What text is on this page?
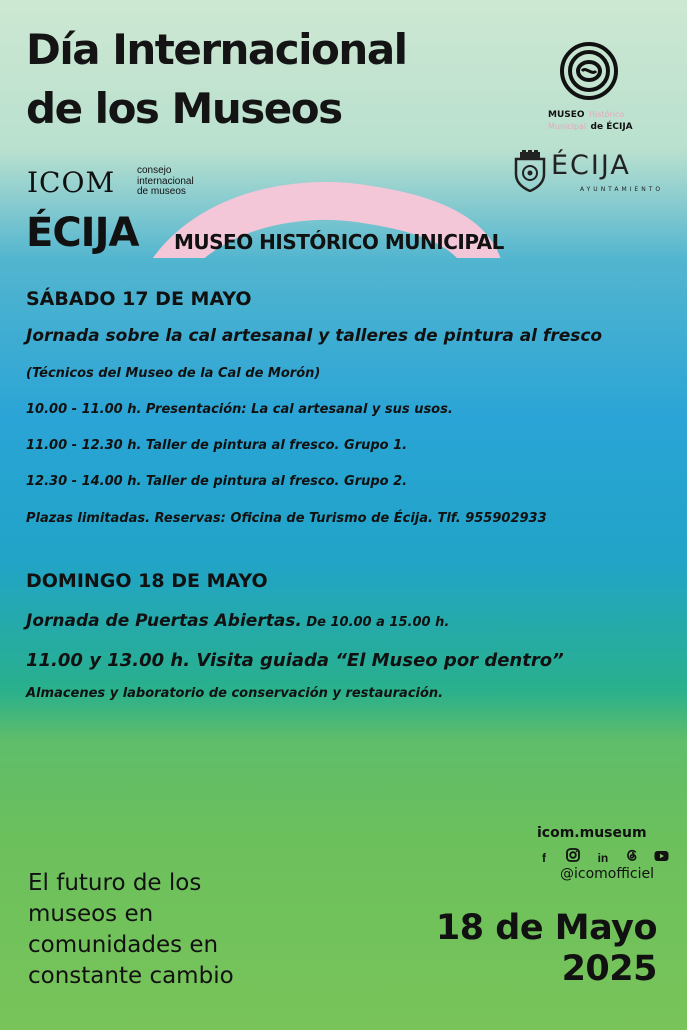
Día Internacional
de los Museos	MUSEO Histórico
Municipal de ÉCIJA
ICOM consejo
internacional
de museos
ÉCIJA
AYUNTAMIENTO
ÉCIJA MUSEO HISTÓRICO MUNICIPAL
SÁBADO 17 DE MAYO
Jornada sobre la cal artesanal y talleres de pintura al fresco
(Técnicos del Museo de la Cal de Morón)
10.00 - 11.00 h. Presentación: La cal artesanal y sus usos.
11.00 - 12.30 h. Taller de pintura al fresco. Grupo 1.
12.30 - 14.00 h. Taller de pintura al fresco. Grupo 2.
Plazas limitadas. Reservas: Oficina de Turismo de Écija. Tlf. 955902933
DOMINGO 18 DE MAYO
Jornada de Puertas Abiertas. De 10.00 a 15.00 h.
11.00 y 13.00 h. Visita guiada “El Museo por dentro”
Almacenes y laboratorio de conservación y restauración.
icom.museum
f	in
@icomofficiel
El futuro de los
museos en
comunidades en
constante cambio
18 de Mayo
2025
